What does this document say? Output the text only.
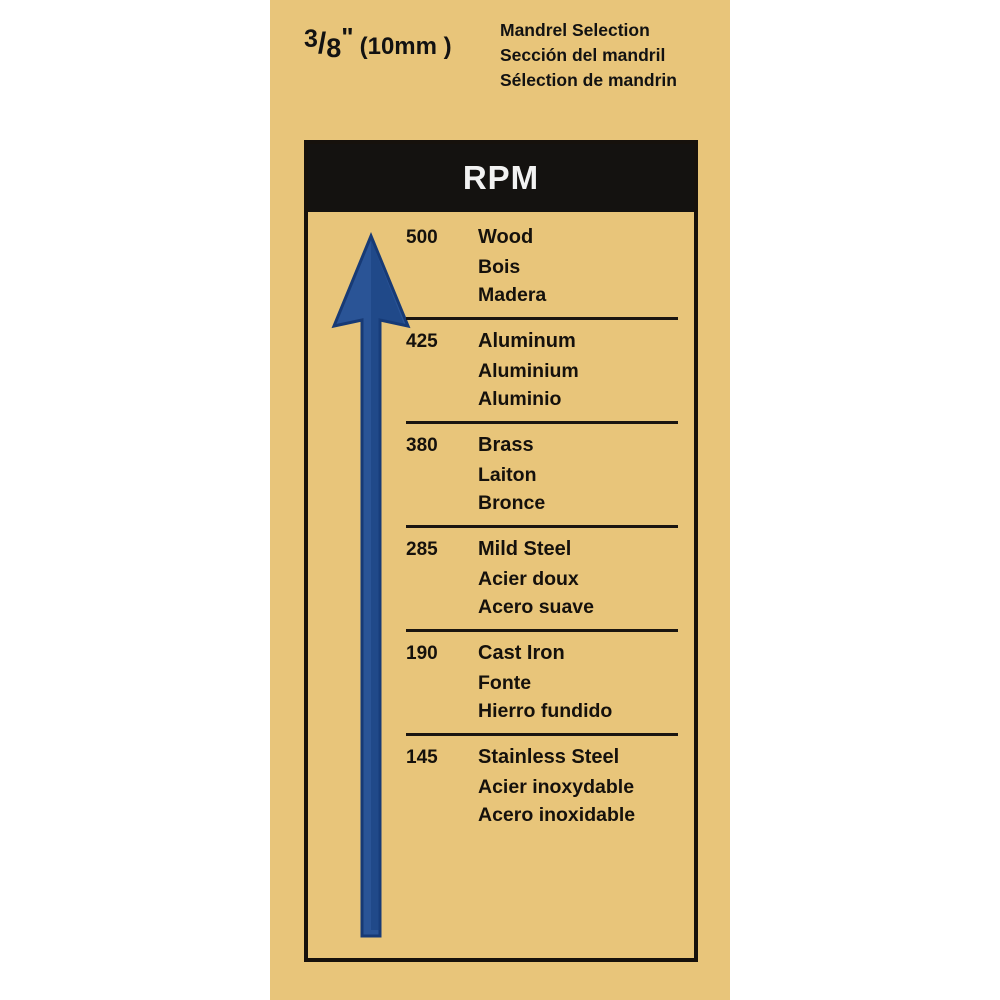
3/8" (10mm )
Mandrel Selection
Sección del mandril
Sélection de mandrin
RPM
500	Wood
Bois
Madera
425	Aluminum
Aluminium
Aluminio
380	Brass
Laiton
Bronce
285	Mild Steel
Acier doux
Acero suave
190	Cast Iron
Fonte
Hierro fundido
145	Stainless Steel
Acier inoxydable
Acero inoxidable
